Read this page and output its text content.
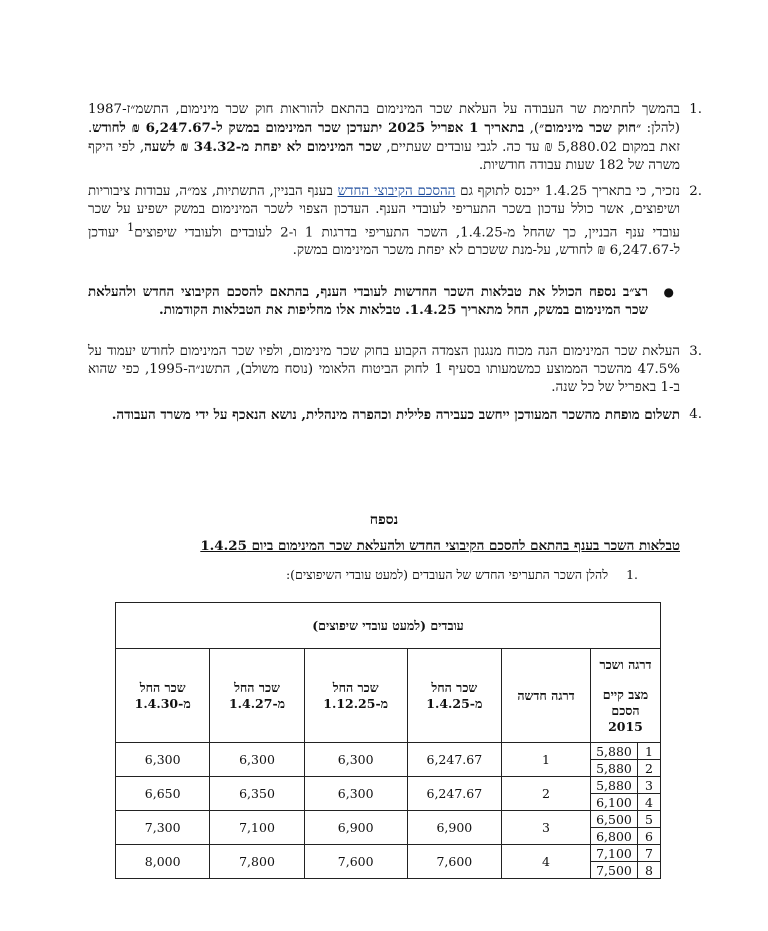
.1
בהמשך לחתימת שר העבודה על העלאת שכר המינימום בהתאם להוראות חוק שכר מינימום, התשמ״ז-1987 (להלן: ״חוק שכר מינימום״), בתאריך 1 אפריל 2025 יתעדכן שכר המינימום במשק ל-6,247.67 ₪ לחודש. זאת במקום 5,880.02 ₪ עד כה. לגבי עובדים שעתיים, שכר המינימום לא יפחת מ-34.32 ₪ לשעה, לפי היקף משרה של 182 שעות עבודה חודשיות.
.2
נזכיר, כי בתאריך 1.4.25 ייכנס לתוקף גם ההסכם הקיבוצי החדש בענף הבניין, התשתיות, צמ״ה, עבודות ציבוריות ושיפוצים, אשר כולל עדכון בשכר התעריפי לעובדי הענף. העדכון הצפוי לשכר המינימום במשק ישפיע על שכר עובדי ענף הבניין, כך שהחל מ-1.4.25, השכר התעריפי בדרגות 1 ו-2 לעובדים ולעובדי שיפוצים$^1$ יעודכן ל-6,247.67 ₪ לחודש, על-מנת ששכרם לא יפחת משכר המינימום במשק.
●
רצ״ב נספח הכולל את טבלאות השכר החדשות לעובדי הענף, בהתאם להסכם הקיבוצי החדש ולהעלאת שכר המינימום במשק, החל מתאריך 1.4.25. טבלאות אלו מחליפות את הטבלאות הקודמות.
.3
העלאת שכר המינימום הנה מכוח מנגנון הצמדה הקבוע בחוק שכר מינימום, ולפיו שכר המינימום לחודש יעמוד על 47.5% מהשכר הממוצע כמשמעותו בסעיף 1 לחוק הביטוח הלאומי (נוסח משולב), התשנ״ה-1995, כפי שהוא ב-1 באפריל של כל שנה.
.4
תשלום מופחת מהשכר המעודכן ייחשב כעבירה פלילית וכהפרה מינהלית, נושא הנאכף על ידי משרד העבודה.
נספח
טבלאות השכר בענף בהתאם להסכם הקיבוצי החדש ולהעלאת שכר המינימום ביום 1.4.25
.1 להלן השכר התעריפי החדש של העובדים (למעט עובדי השיפוצים):
עובדים (למעט עובדי שיפוצים)						

דרגה ושכר
מצב קיים הסכם 2015		דרגה חדשה	שכר החל מ-1.4.25	שכר החל מ-1.12.25	שכר החל מ-1.4.27	שכר החל מ-1.4.30
1	5,880	1	6,247.67	6,300	6,300	6,300
2	5,880					
3	5,880	2	6,247.67	6,300	6,350	6,650
4	6,100					
5	6,500	3	6,900	6,900	7,100	7,300
6	6,800					
7	7,100	4	7,600	7,600	7,800	8,000
8	7,500					
